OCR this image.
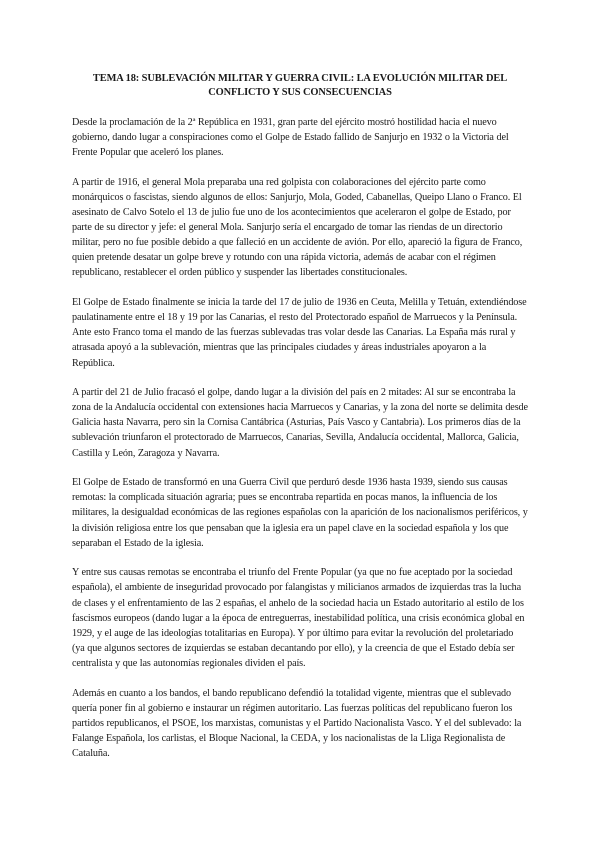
TEMA 18: SUBLEVACIÓN MILITAR Y GUERRA CIVIL: LA EVOLUCIÓN MILITAR DEL CONFLICTO Y SUS CONSECUENCIAS

Desde la proclamación de la 2ª República en 1931, gran parte del ejército mostró hostilidad hacia el nuevo gobierno, dando lugar a conspiraciones como el Golpe de Estado fallido de Sanjurjo en 1932 o la Victoria del Frente Popular que aceleró los planes.

A partir de 1916, el general Mola preparaba una red golpista con colaboraciones del ejército parte como monárquicos o fascistas, siendo algunos de ellos: Sanjurjo, Mola, Goded, Cabanellas, Queipo Llano o Franco. El asesinato de Calvo Sotelo el 13 de julio fue uno de los acontecimientos que aceleraron el golpe de Estado, por parte de su director y jefe: el general Mola. Sanjurjo sería el encargado de tomar las riendas de un directorio militar, pero no fue posible debido a que falleció en un accidente de avión. Por ello, apareció la figura de Franco, quien pretende desatar un golpe breve y rotundo con una rápida victoria, además de acabar con el régimen republicano, restablecer el orden público y suspender las libertades constitucionales.

El Golpe de Estado finalmente se inicia la tarde del 17 de julio de 1936 en Ceuta, Melilla y Tetuán, extendiéndose paulatinamente entre el 18 y 19 por las Canarias, el resto del Protectorado español de Marruecos y la Península. Ante esto Franco toma el mando de las fuerzas sublevadas tras volar desde las Canarias. La España más rural y atrasada apoyó a la sublevación, mientras que las principales ciudades y áreas industriales apoyaron a la República.

A partir del 21 de Julio fracasó el golpe, dando lugar a la división del país en 2 mitades: Al sur se encontraba la zona de la Andalucía occidental con extensiones hacia Marruecos y Canarias, y la zona del norte se delimita desde Galicia hasta Navarra, pero sin la Cornisa Cantábrica (Asturias, País Vasco y Cantabria). Los primeros días de la sublevación triunfaron el protectorado de Marruecos, Canarias, Sevilla, Andalucía occidental, Mallorca, Galicia, Castilla y León, Zaragoza y Navarra.

El Golpe de Estado de transformó en una Guerra Civil que perduró desde 1936 hasta 1939, siendo sus causas remotas: la complicada situación agraria; pues se encontraba repartida en pocas manos, la influencia de los militares, la desigualdad económicas de las regiones españolas con la aparición de los nacionalismos periféricos, y la división religiosa entre los que pensaban que la iglesia era un papel clave en la sociedad española y los que separaban el Estado de la iglesia.

Y entre sus causas remotas se encontraba el triunfo del Frente Popular (ya que no fue aceptado por la sociedad española), el ambiente de inseguridad provocado por falangistas y milicianos armados de izquierdas tras la lucha de clases y el enfrentamiento de las 2 españas, el anhelo de la sociedad hacia un Estado autoritario al estilo de los fascismos europeos (dando lugar a la época de entreguerras, inestabilidad política, una crisis económica global en 1929, y el auge de las ideologías totalitarias en Europa). Y por último para evitar la revolución del proletariado (ya que algunos sectores de izquierdas se estaban decantando por ello), y la creencia de que el Estado debía ser centralista y que las autonomías regionales dividen el país.

Además en cuanto a los bandos, el bando republicano defendió la totalidad vigente, mientras que el sublevado quería poner fin al gobierno e instaurar un régimen autoritario. Las fuerzas políticas del republicano fueron los partidos republicanos, el PSOE, los marxistas, comunistas y el Partido Nacionalista Vasco. Y el del sublevado: la Falange Española, los carlistas, el Bloque Nacional, la CEDA, y los nacionalistas de la Lliga Regionalista de Cataluña.
